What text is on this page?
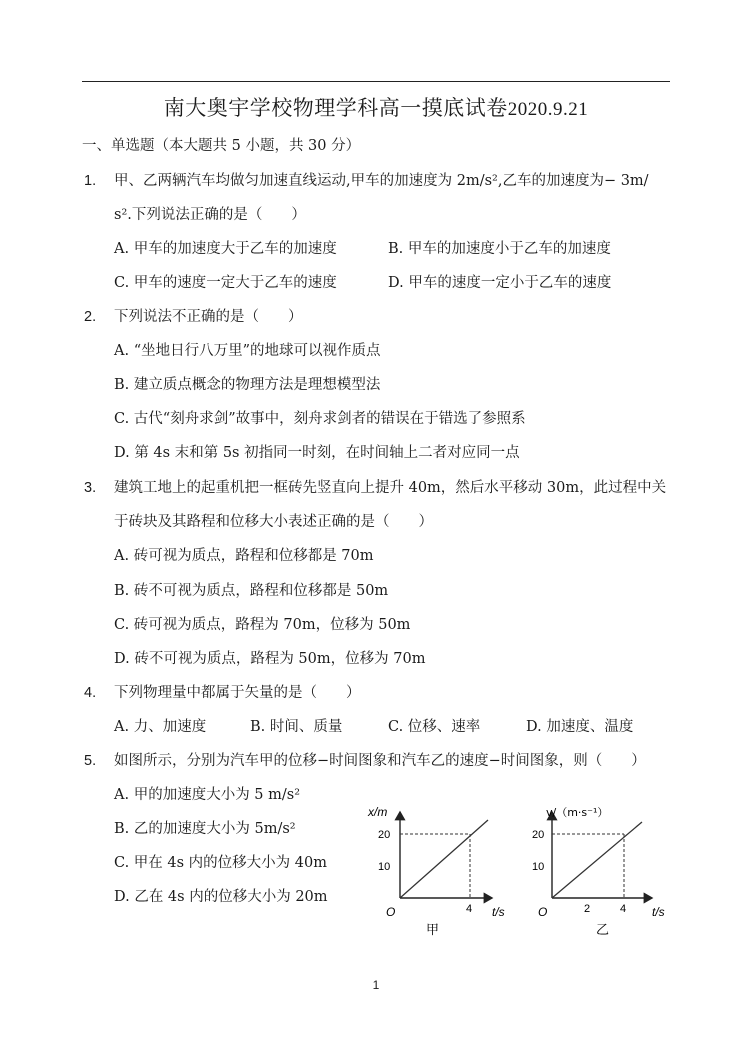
南大奥宇学校物理学科高一摸底试卷2020.9.21
一、单选题（本大题共 5 小题，共 30 分）
1. 甲、乙两辆汽车均做匀加速直线运动,甲车的加速度为 2m/s²,乙车的加速度为− 3m/
s².下列说法正确的是（　　）
A. 甲车的加速度大于乙车的加速度	B. 甲车的加速度小于乙车的加速度
C. 甲车的速度一定大于乙车的速度	D. 甲车的速度一定小于乙车的速度
2. 下列说法不正确的是（　　）
A. “坐地日行八万里”的地球可以视作质点
B. 建立质点概念的物理方法是理想模型法
C. 古代“刻舟求剑”故事中，刻舟求剑者的错误在于错选了参照系
D. 第 4s 末和第 5s 初指同一时刻，在时间轴上二者对应同一点
3. 建筑工地上的起重机把一框砖先竖直向上提升 40m，然后水平移动 30m，此过程中关
于砖块及其路程和位移大小表述正确的是（　　）
A. 砖可视为质点，路程和位移都是 70m
B. 砖不可视为质点，路程和位移都是 50m
C. 砖可视为质点，路程为 70m，位移为 50m
D. 砖不可视为质点，路程为 50m，位移为 70m
4. 下列物理量中都属于矢量的是（　　）
A. 力、加速度	B. 时间、质量	C. 位移、速率	D. 加速度、温度
5. 如图所示，分别为汽车甲的位移−时间图象和汽车乙的速度−时间图象，则（　　）
A. 甲的加速度大小为 5 m/s²
B. 乙的加速度大小为 5m/s²
C. 甲在 4s 内的位移大小为 40m
D. 乙在 4s 内的位移大小为 20m
x/m
20
10
O	4 t/s
甲
v/（m·s⁻¹）
20
10
O	2	4 t/s
乙
1
